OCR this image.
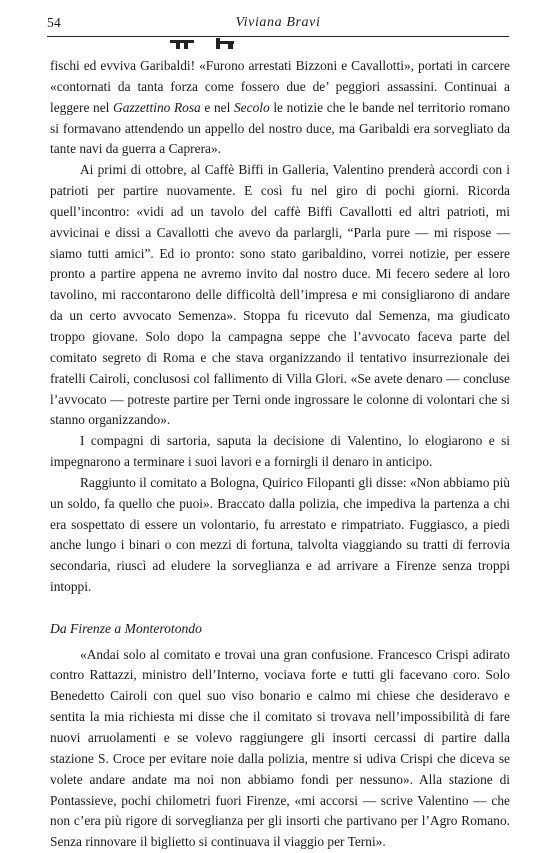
54	Viviana Bravi

fischi ed evviva Garibaldi! «Furono arrestati Bizzoni e Cavallotti», portati in carcere «contornati da tanta forza come fossero due de’ peggiori assassini. Continuai a leggere nel Gazzettino Rosa e nel Secolo le notizie che le bande nel territorio romano si formavano attendendo un appello del nostro duce, ma Garibaldi era sorvegliato da tante navi da guerra a Caprera».

Ai primi di ottobre, al Caffè Biffi in Galleria, Valentino prenderà accordi con i patrioti per partire nuovamente. E così fu nel giro di pochi giorni. Ricorda quell’incontro: «vidi ad un tavolo del caffè Biffi Cavallotti ed altri patrioti, mi avvicinai e dissi a Cavallotti che avevo da parlargli, “Parla pure — mi rispose — siamo tutti amici”. Ed io pronto: sono stato garibaldino, vorrei notizie, per essere pronto a partire appena ne avremo invito dal nostro duce. Mi fecero sedere al loro tavolino, mi raccontarono delle difficoltà dell’impresa e mi consigliarono di andare da un certo avvocato Semenza». Stoppa fu ricevuto dal Semenza, ma giudicato troppo giovane. Solo dopo la campagna seppe che l’avvocato faceva parte del comitato segreto di Roma e che stava organizzando il tentativo insurrezionale dei fratelli Cairoli, conclusosi col fallimento di Villa Glori. «Se avete denaro — concluse l’avvocato — potreste partire per Terni onde ingrossare le colonne di volontari che si stanno organizzando».

I compagni di sartoria, saputa la decisione di Valentino, lo elogiarono e si impegnarono a terminare i suoi lavori e a fornirgli il denaro in anticipo.

Raggiunto il comitato a Bologna, Quirico Filopanti gli disse: «Non abbiamo più un soldo, fa quello che puoi». Braccato dalla polizia, che impediva la partenza a chi era sospettato di essere un volontario, fu arrestato e rimpatriato. Fuggiasco, a piedi anche lungo i binari o con mezzi di fortuna, talvolta viaggiando su tratti di ferrovia secondaria, riuscì ad eludere la sorveglianza e ad arrivare a Firenze senza troppi intoppi.

Da Firenze a Monterotondo

«Andai solo al comitato e trovai una gran confusione. Francesco Crispi adirato contro Rattazzi, ministro dell’Interno, vociava forte e tutti gli facevano coro. Solo Benedetto Cairoli con quel suo viso bonario e calmo mi chiese che desideravo e sentita la mia richiesta mi disse che il comitato si trovava nell’impossibilità di fare nuovi arruolamenti e se volevo raggiungere gli insorti cercassi di partire dalla stazione S. Croce per evitare noie dalla polizia, mentre si udiva Crispi che diceva se volete andare andate ma noi non abbiamo fondi per nessuno». Alla stazione di Pontassieve, pochi chilometri fuori Firenze, «mi accorsi — scrive Valentino — che non c’era più rigore di sorveglianza per gli insorti che partivano per l’Agro Romano. Senza rinnovare il biglietto si continuava il viaggio per Terni».
